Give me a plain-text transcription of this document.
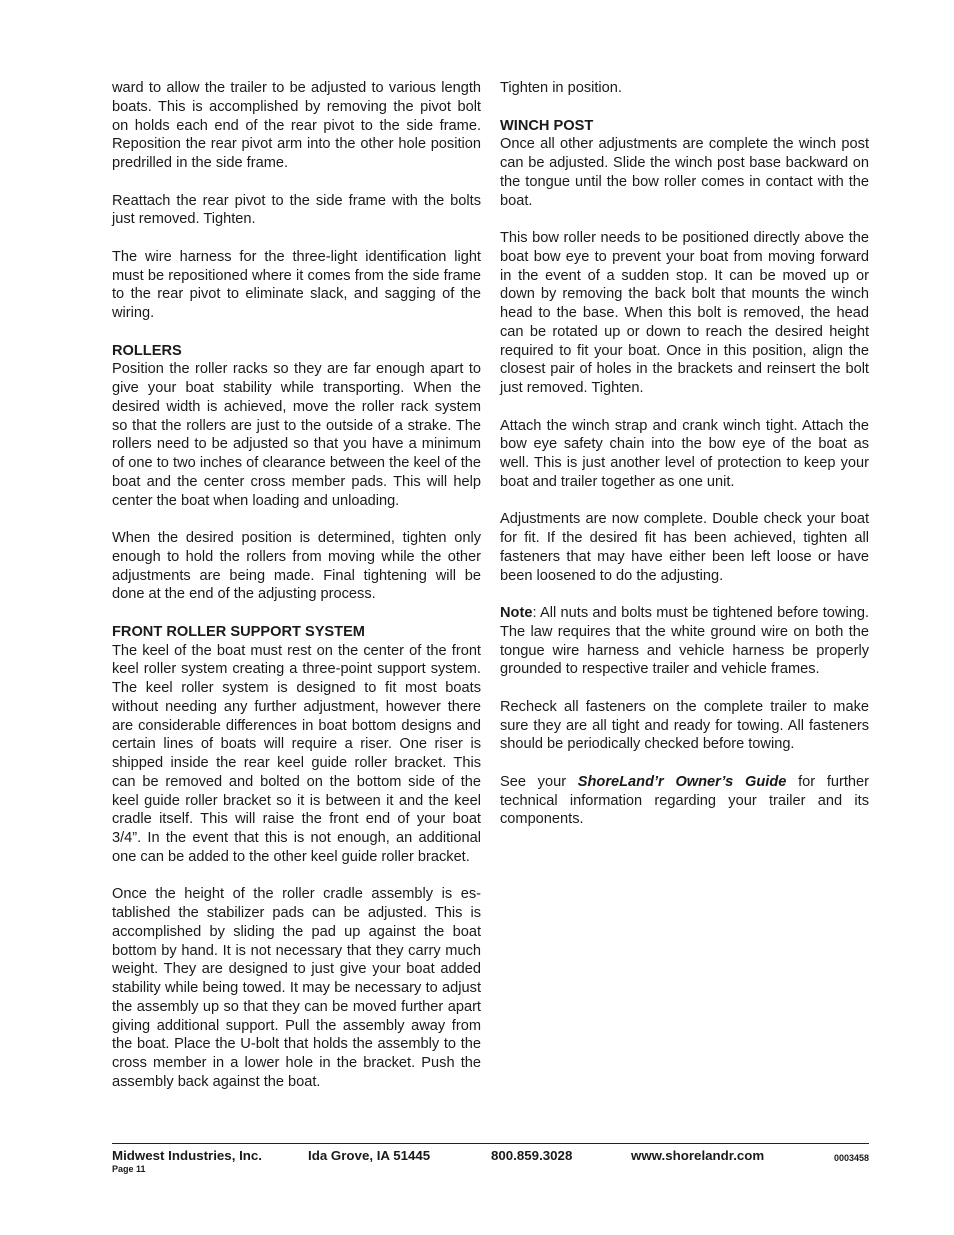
ward to allow the trailer to be adjusted to various length boats. This is accomplished by removing the pivot bolt on holds each end of the rear pivot to the side frame. Reposition the rear pivot arm into the other hole position predrilled in the side frame.

Reattach the rear pivot to the side frame with the bolts just removed. Tighten.

The wire harness for the three-light identification light must be repositioned where it comes from the side frame to the rear pivot to eliminate slack, and sagging of the wiring.

ROLLERS
Position the roller racks so they are far enough apart to give your boat stability while transporting. When the desired width is achieved, move the roller rack system so that the rollers are just to the outside of a strake. The rollers need to be adjusted so that you have a minimum of one to two inches of clearance between the keel of the boat and the center cross member pads. This will help center the boat when loading and unloading.

When the desired position is determined, tighten only enough to hold the rollers from moving while the other adjustments are being made. Final tightening will be done at the end of the adjusting process.

FRONT ROLLER SUPPORT SYSTEM
The keel of the boat must rest on the center of the front keel roller system creating a three-point support system. The keel roller system is designed to fit most boats without needing any further adjustment, however there are considerable differences in boat bottom designs and certain lines of boats will require a riser. One riser is shipped inside the rear keel guide roller bracket. This can be removed and bolted on the bottom side of the keel guide roller bracket so it is between it and the keel cradle itself. This will raise the front end of your boat 3/4”. In the event that this is not enough, an additional one can be added to the other keel guide roller bracket.

Once the height of the roller cradle assembly is established the stabilizer pads can be adjusted. This is accomplished by sliding the pad up against the boat bottom by hand. It is not necessary that they carry much weight. They are designed to just give your boat added stability while being towed. It may be necessary to adjust the assembly up so that they can be moved further apart giving additional support. Pull the assembly away from the boat. Place the U-bolt that holds the assembly to the cross member in a lower hole in the bracket. Push the assembly back against the boat.

Tighten in position.

WINCH POST
Once all other adjustments are complete the winch post can be adjusted. Slide the winch post base backward on the tongue until the bow roller comes in contact with the boat.

This bow roller needs to be positioned directly above the boat bow eye to prevent your boat from moving forward in the event of a sudden stop. It can be moved up or down by removing the back bolt that mounts the winch head to the base. When this bolt is removed, the head can be rotated up or down to reach the desired height required to fit your boat. Once in this position, align the closest pair of holes in the brackets and reinsert the bolt just removed. Tighten.

Attach the winch strap and crank winch tight. Attach the bow eye safety chain into the bow eye of the boat as well. This is just another level of protection to keep your boat and trailer together as one unit.

Adjustments are now complete. Double check your boat for fit. If the desired fit has been achieved, tighten all fasteners that may have either been left loose or have been loosened to do the adjusting.

Note: All nuts and bolts must be tightened before towing. The law requires that the white ground wire on both the tongue wire harness and vehicle harness be properly grounded to respective trailer and vehicle frames.

Recheck all fasteners on the complete trailer to make sure they are all tight and ready for towing. All fasteners should be periodically checked before towing.

See your ShoreLand’r Owner’s Guide for further technical information regarding your trailer and its components.

Midwest Industries, Inc.	Ida Grove, IA 51445	800.859.3028	www.shorelandr.com	0003458
Page 11
